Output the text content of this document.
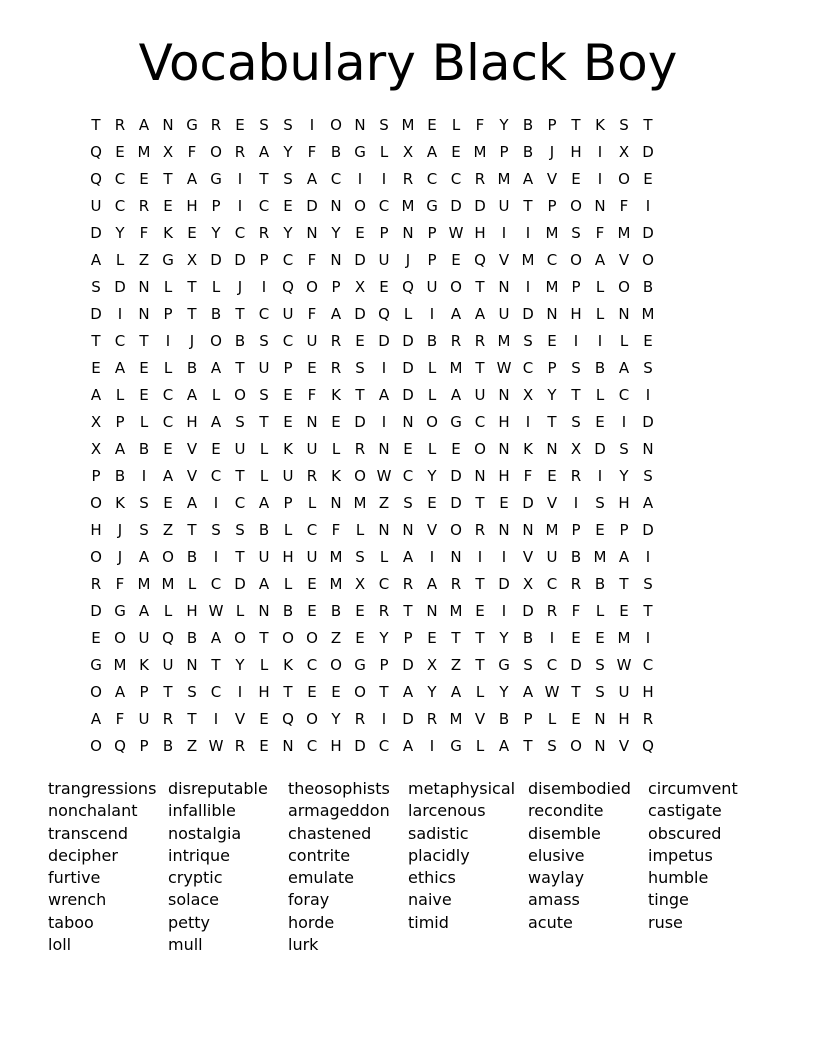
Vocabulary Black Boy
T R A N G R E S S	I	O N S M E	L	F	Y B P T K S T
Q E M X F O R A Y	F B G L X A E M P B	J	H	I	X D
Q C E T A G	I	T S A C	I	I	R C C R M A V E	I	O E
U C R E H P	I	C E D N O C M G D D U T P O N F	I
D Y	F K E Y C R Y N Y E P N P W H	I	I	M S F M D
A L Z G X D D P C F N D U	J	P E Q V M C O A V O
S D N L	T	L	J	I	Q O P X E Q U O T N	I	M P	L O B
D	I	N P T B T C U F A D Q L	I	A A U D N H L N M
T C T	I	J	O B S C U R E D D B R R M S E	I	I	L	E
E A E	L B A T U P E R S	I	D L M T W C P S B A S
A L	E C A L O S E F K T A D L A U N X Y T	L C	I
X P	L C H A S T E N E D	I	N O G C H	I	T S E	I	D
X A B E V E U L K U L R N E	L	E O N K N X D S N
P B	I	A V C T	L U R K O W C Y D N H F E R	I	Y S
O K S E A	I	C A P	L N M Z S E D T E D V	I	S H A
H	J	S Z T S S B L C F	L N N V O R N N M P E P D
O	J	A O B	I	T U H U M S	L A	I	N	I	I	V U B M A	I
R F M M L C D A L	E M X C R A R T D X C R B T S
D G A L H W L N B E B E R T N M E	I	D R F	L	E T
E O U Q B A O T O O Z E Y P E T T Y B	I	E E M	I
G M K U N T Y	L K C O G P D X Z T G S C D S W C
O A P T S C	I	H T E E O T A Y A L	Y A W T S U H
A F U R T	I	V E Q O Y R	I	D R M V B P	L	E N H R
O Q P B Z W R E N C H D C A	I	G L A T S O N V Q
trangressions
nonchalant
transcend
decipher
furtive
wrench
taboo
loll
disreputable
infallible
nostalgia
intrique
cryptic
solace
petty
mull
theosophists
armageddon
chastened
contrite
emulate
foray
horde
lurk
metaphysical
larcenous
sadistic
placidly
ethics
naive
timid
disembodied
recondite
disemble
elusive
waylay
amass
acute
circumvent
castigate
obscured
impetus
humble
tinge
ruse
